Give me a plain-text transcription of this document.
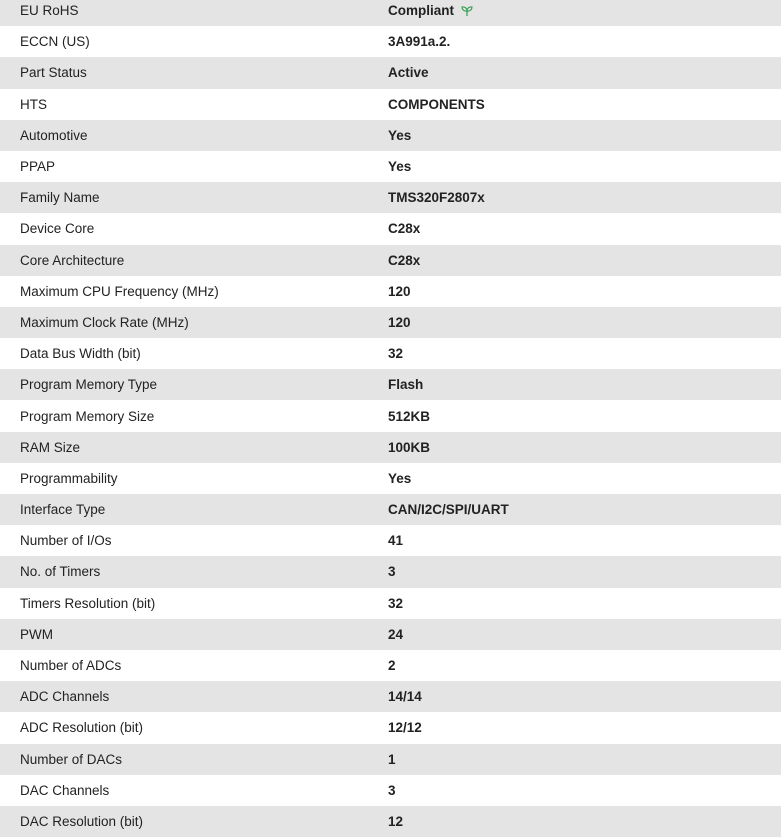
EU RoHS	Compliant
ECCN (US)	3A991a.2.
Part Status	Active
HTS	COMPONENTS
Automotive	Yes
PPAP	Yes
Family Name	TMS320F2807x
Device Core	C28x
Core Architecture	C28x
Maximum CPU Frequency (MHz)	120
Maximum Clock Rate (MHz)	120
Data Bus Width (bit)	32
Program Memory Type	Flash
Program Memory Size	512KB
RAM Size	100KB
Programmability	Yes
Interface Type	CAN/I2C/SPI/UART
Number of I/Os	41
No. of Timers	3
Timers Resolution (bit)	32
PWM	24
Number of ADCs	2
ADC Channels	14/14
ADC Resolution (bit)	12/12
Number of DACs	1
DAC Channels	3
DAC Resolution (bit)	12
